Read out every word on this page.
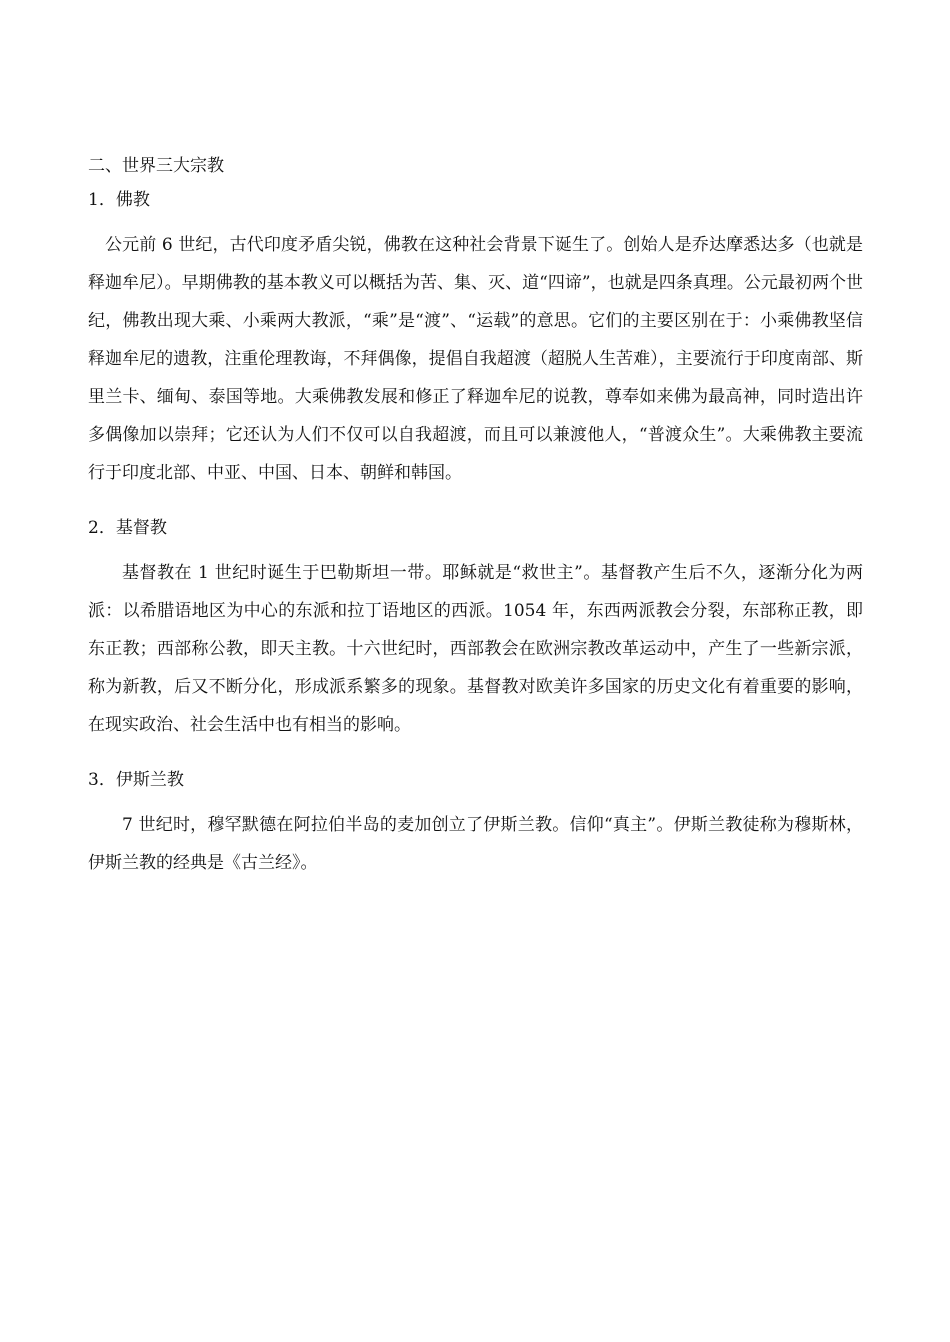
二、世界三大宗教

1．佛教

公元前 6 世纪，古代印度矛盾尖锐，佛教在这种社会背景下诞生了。创始人是乔达摩悉达多（也就是释迦牟尼）。早期佛教的基本教义可以概括为苦、集、灭、道“四谛”，也就是四条真理。公元最初两个世纪，佛教出现大乘、小乘两大教派，“乘”是“渡”、“运载”的意思。它们的主要区别在于：小乘佛教坚信释迦牟尼的遗教，注重伦理教诲，不拜偶像，提倡自我超渡（超脱人生苦难），主要流行于印度南部、斯里兰卡、缅甸、泰国等地。大乘佛教发展和修正了释迦牟尼的说教，尊奉如来佛为最高神，同时造出许多偶像加以崇拜；它还认为人们不仅可以自我超渡，而且可以兼渡他人，“普渡众生”。大乘佛教主要流行于印度北部、中亚、中国、日本、朝鲜和韩国。

2．基督教

基督教在 1 世纪时诞生于巴勒斯坦一带。耶稣就是“救世主”。基督教产生后不久，逐渐分化为两派：以希腊语地区为中心的东派和拉丁语地区的西派。1054 年，东西两派教会分裂，东部称正教，即东正教；西部称公教，即天主教。十六世纪时，西部教会在欧洲宗教改革运动中，产生了一些新宗派，称为新教，后又不断分化，形成派系繁多的现象。基督教对欧美许多国家的历史文化有着重要的影响，在现实政治、社会生活中也有相当的影响。

3．伊斯兰教

7 世纪时，穆罕默德在阿拉伯半岛的麦加创立了伊斯兰教。信仰“真主”。伊斯兰教徒称为穆斯林，伊斯兰教的经典是《古兰经》。
